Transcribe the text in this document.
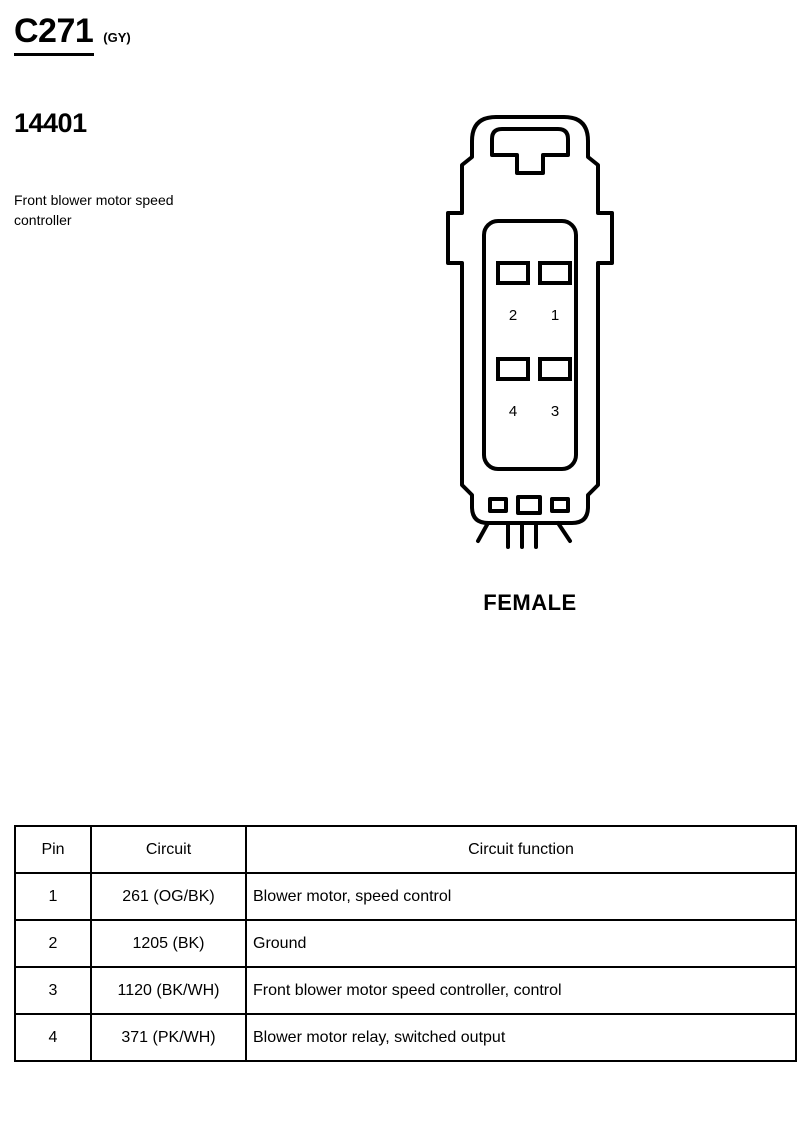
C271 (GY)
14401
Front blower motor speed controller
2	1
4	3
FEMALE
Pin	Circuit	Circuit function
1	261 (OG/BK)	Blower motor, speed control
2	1205 (BK)	Ground
3	1120 (BK/WH)	Front blower motor speed controller, control
4	371 (PK/WH)	Blower motor relay, switched output
